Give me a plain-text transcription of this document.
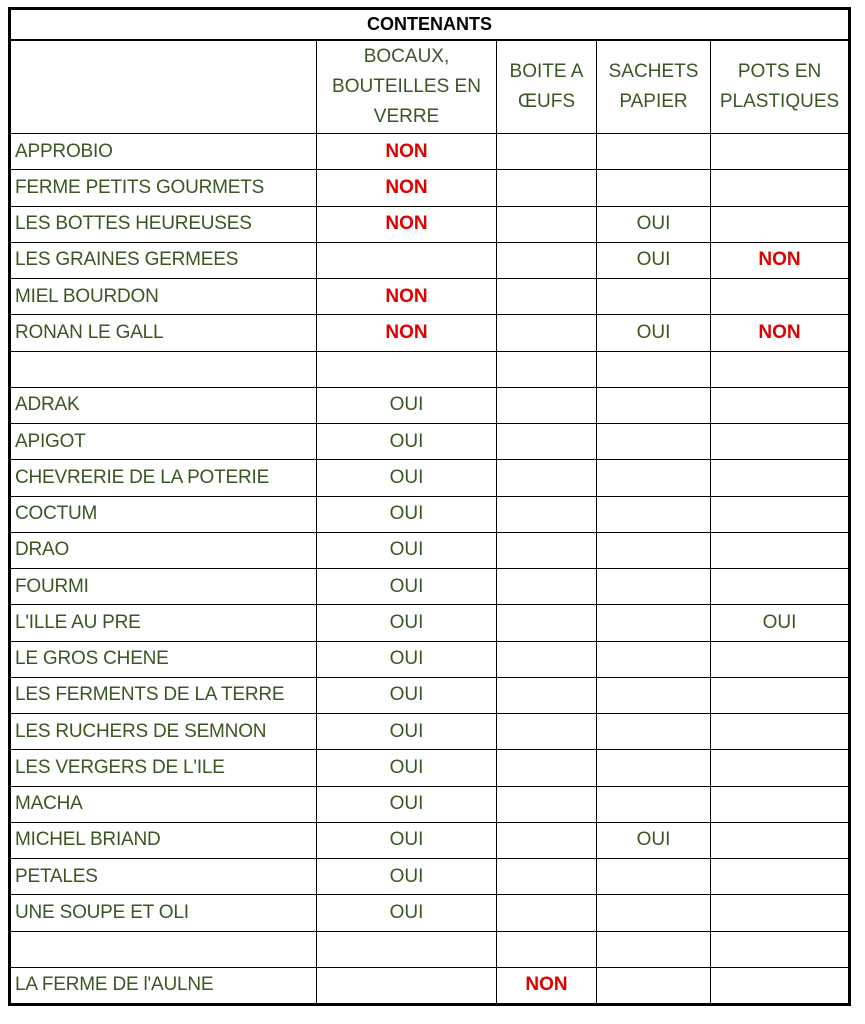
CONTENANTS				
	BOCAUX, BOUTEILLES EN VERRE	BOITE A ŒUFS	SACHETS PAPIER	POTS EN PLASTIQUES
APPROBIO	NON			
FERME PETITS GOURMETS	NON			
LES BOTTES HEUREUSES	NON		OUI	
LES GRAINES GERMEES			OUI	NON
MIEL BOURDON	NON			
RONAN LE GALL	NON		OUI	NON

ADRAK	OUI			
APIGOT	OUI			
CHEVRERIE DE LA POTERIE	OUI			
COCTUM	OUI			
DRAO	OUI			
FOURMI	OUI			
L'ILLE AU PRE	OUI			OUI
LE GROS CHENE	OUI			
LES FERMENTS DE LA TERRE	OUI			
LES RUCHERS DE SEMNON	OUI			
LES VERGERS DE L'ILE	OUI			
MACHA	OUI			
MICHEL BRIAND	OUI		OUI	
PETALES	OUI			
UNE SOUPE ET OLI	OUI			

LA FERME DE l'AULNE		NON		
